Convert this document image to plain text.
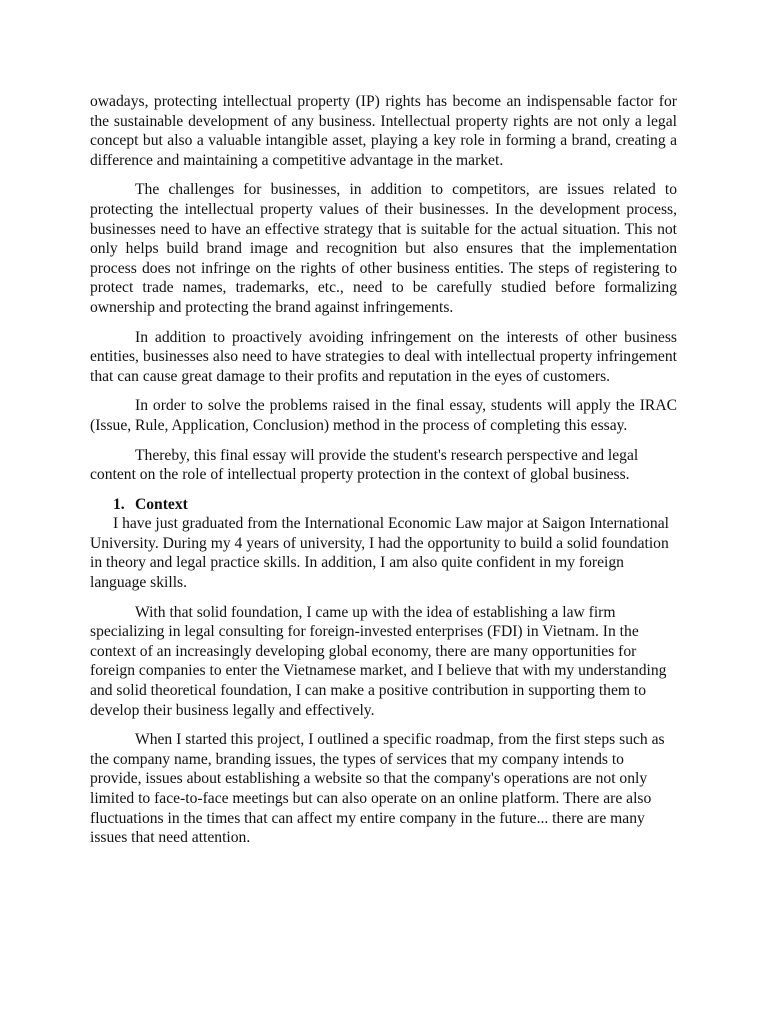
owadays, protecting intellectual property (IP) rights has become an indispensable factor for the sustainable development of any business. Intellectual property rights are not only a legal concept but also a valuable intangible asset, playing a key role in forming a brand, creating a difference and maintaining a competitive advantage in the market.

The challenges for businesses, in addition to competitors, are issues related to protecting the intellectual property values of their businesses. In the development process, businesses need to have an effective strategy that is suitable for the actual situation. This not only helps build brand image and recognition but also ensures that the implementation process does not infringe on the rights of other business entities. The steps of registering to protect trade names, trademarks, etc., need to be carefully studied before formalizing ownership and protecting the brand against infringements.

In addition to proactively avoiding infringement on the interests of other business entities, businesses also need to have strategies to deal with intellectual property infringement that can cause great damage to their profits and reputation in the eyes of customers.

In order to solve the problems raised in the final essay, students will apply the IRAC (Issue, Rule, Application, Conclusion) method in the process of completing this essay.

Thereby, this final essay will provide the student's research perspective and legal content on the role of intellectual property protection in the context of global business.

1. Context

I have just graduated from the International Economic Law major at Saigon International University. During my 4 years of university, I had the opportunity to build a solid foundation in theory and legal practice skills. In addition, I am also quite confident in my foreign language skills.

With that solid foundation, I came up with the idea of establishing a law firm specializing in legal consulting for foreign-invested enterprises (FDI) in Vietnam. In the context of an increasingly developing global economy, there are many opportunities for foreign companies to enter the Vietnamese market, and I believe that with my understanding and solid theoretical foundation, I can make a positive contribution in supporting them to develop their business legally and effectively.

When I started this project, I outlined a specific roadmap, from the first steps such as the company name, branding issues, the types of services that my company intends to provide, issues about establishing a website so that the company's operations are not only limited to face-to-face meetings but can also operate on an online platform. There are also fluctuations in the times that can affect my entire company in the future... there are many issues that need attention.
